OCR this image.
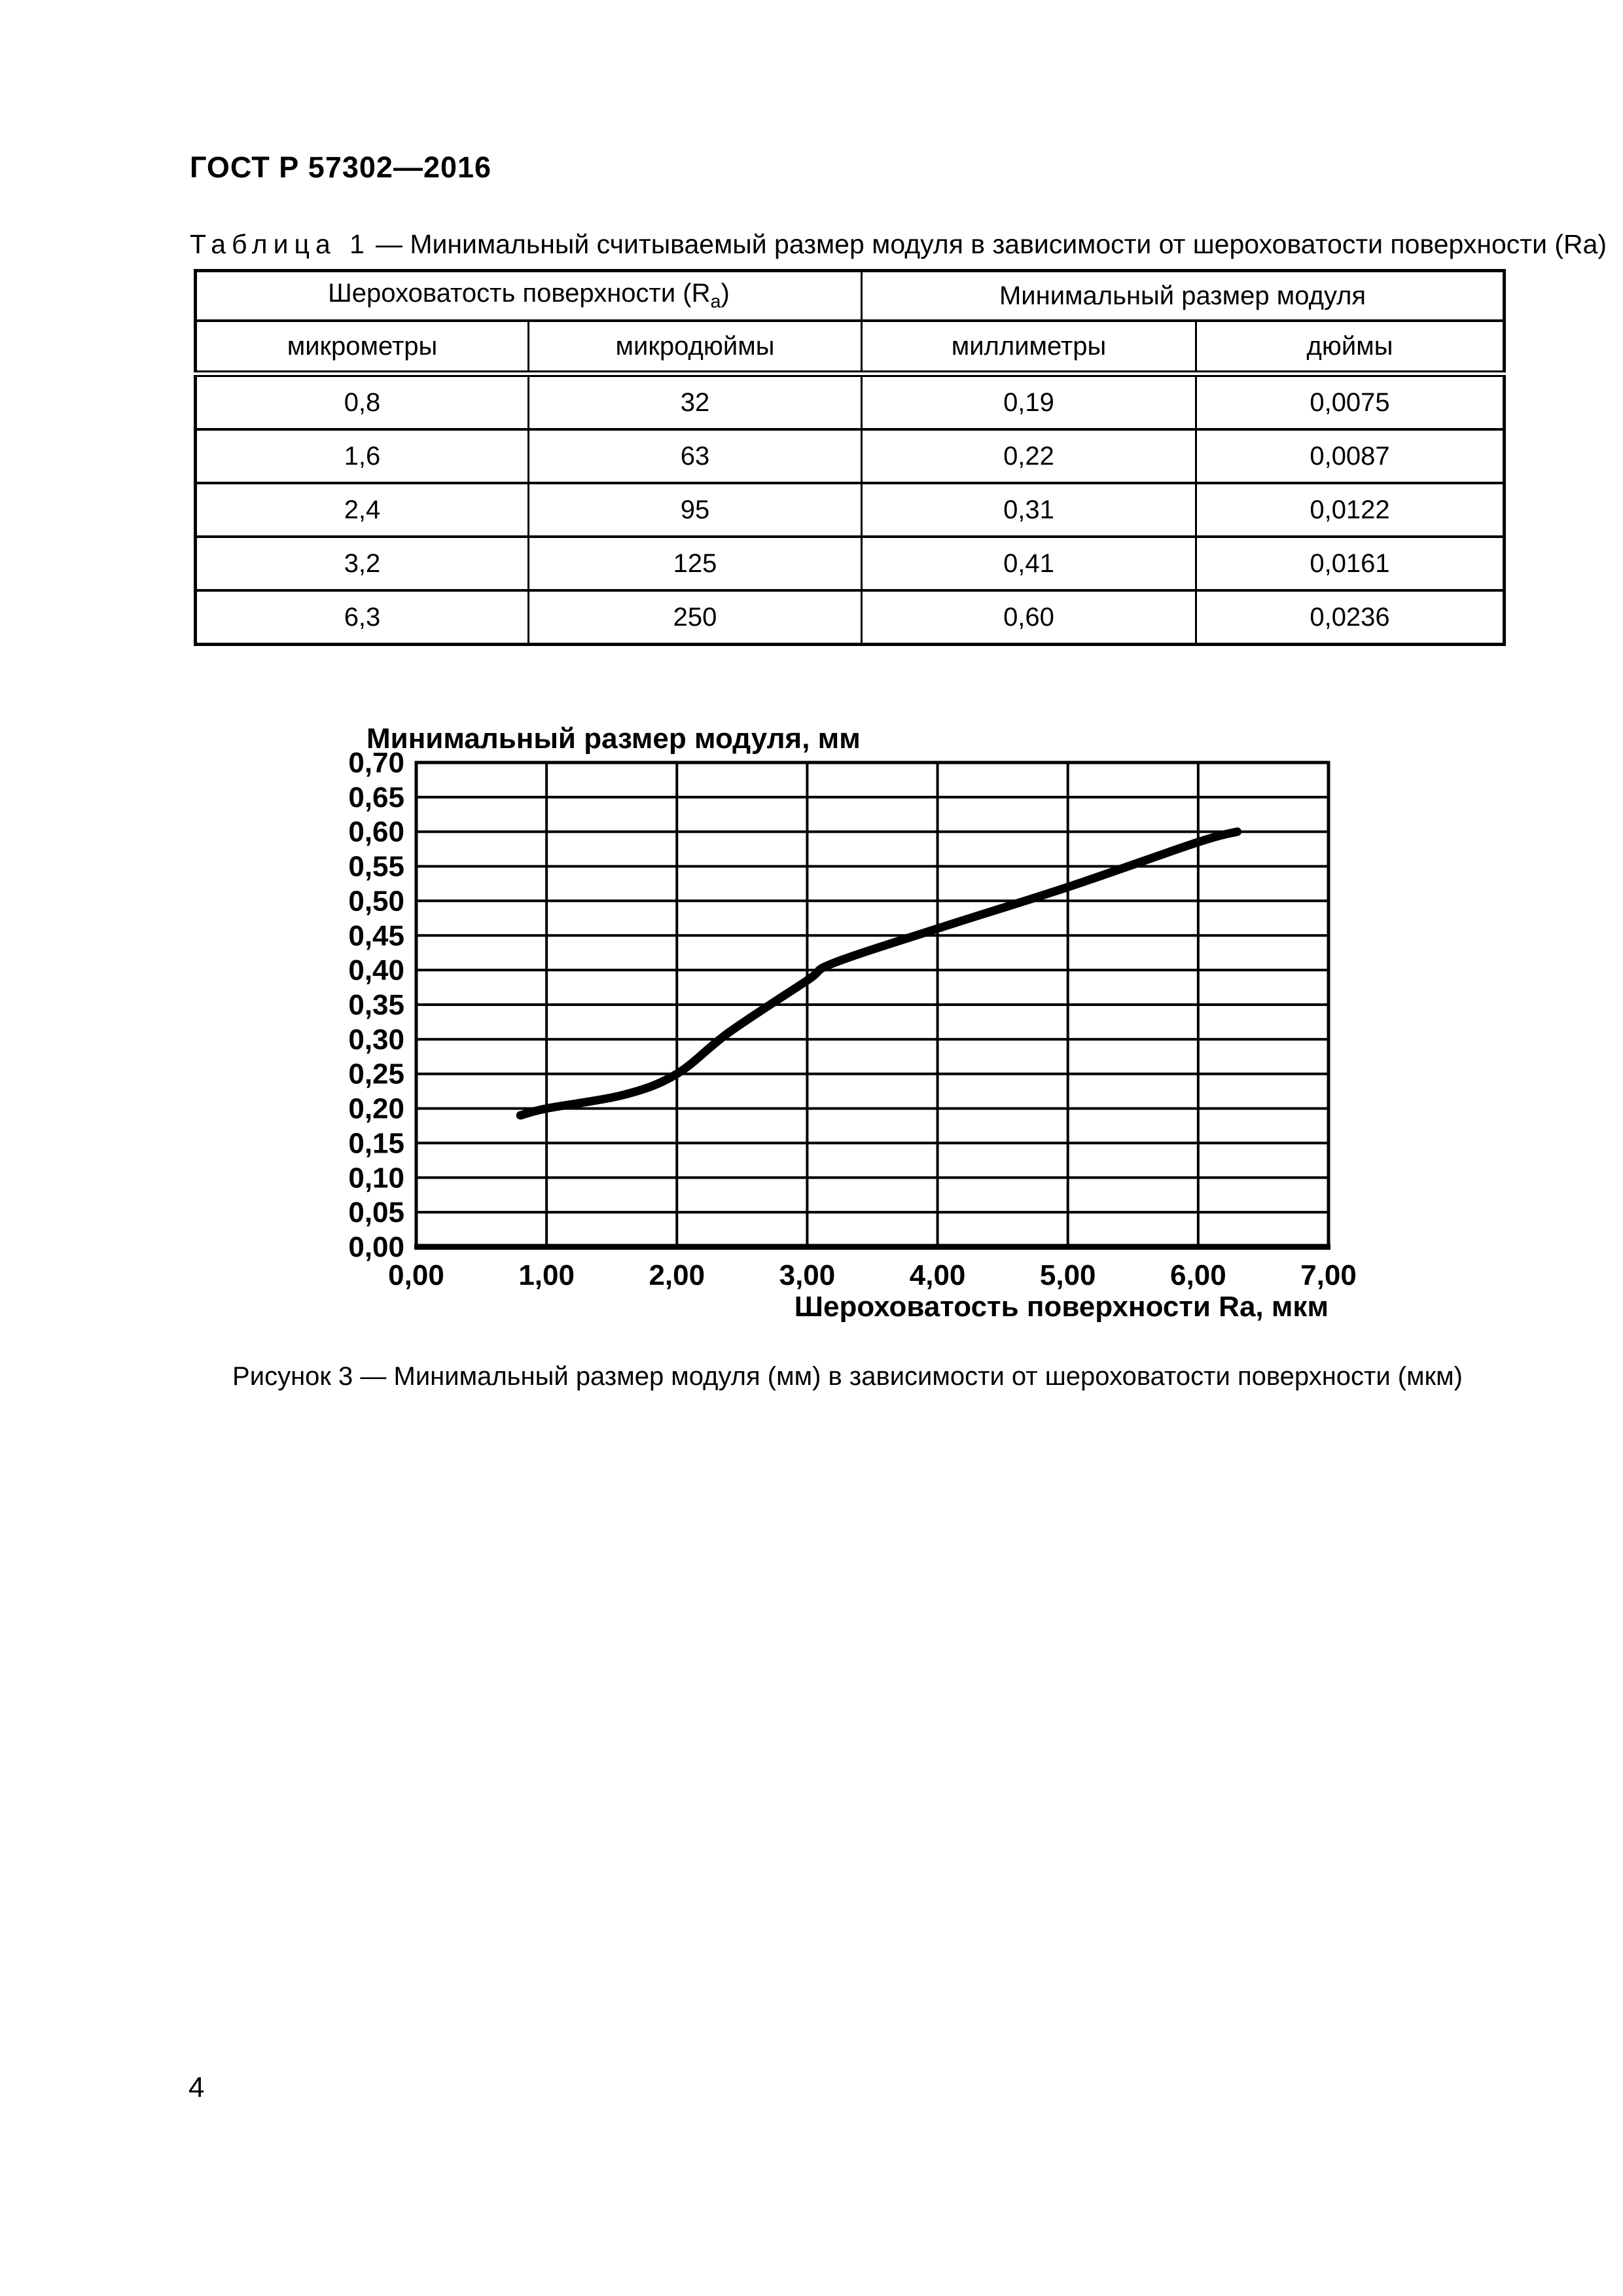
ГОСТ Р 57302—2016
Таблица 1 — Минимальный считываемый размер модуля в зависимости от шероховатости поверхности (Ra)
Шероховатость поверхности $(R_a)$		Минимальный размер модуля	
микрометры	микродюймы	миллиметры	дюймы
0,8	32	0,19	0,0075
1,6	63	0,22	0,0087
2,4	95	0,31	0,0122
3,2	125	0,41	0,0161
6,3	250	0,60	0,0236
0,00
0,05
0,10
0,15
0,20
0,25
0,30
0,35
0,40
0,45
0,50
0,55
0,60
0,65
0,70
0,00	1,00	2,00	3,00	4,00	5,00	6,00	7,00
Минимальный размер модуля, мм
Шероховатость поверхности Ra, мкм
Рисунок 3 — Минимальный размер модуля (мм) в зависимости от шероховатости поверхности (мкм)
4
